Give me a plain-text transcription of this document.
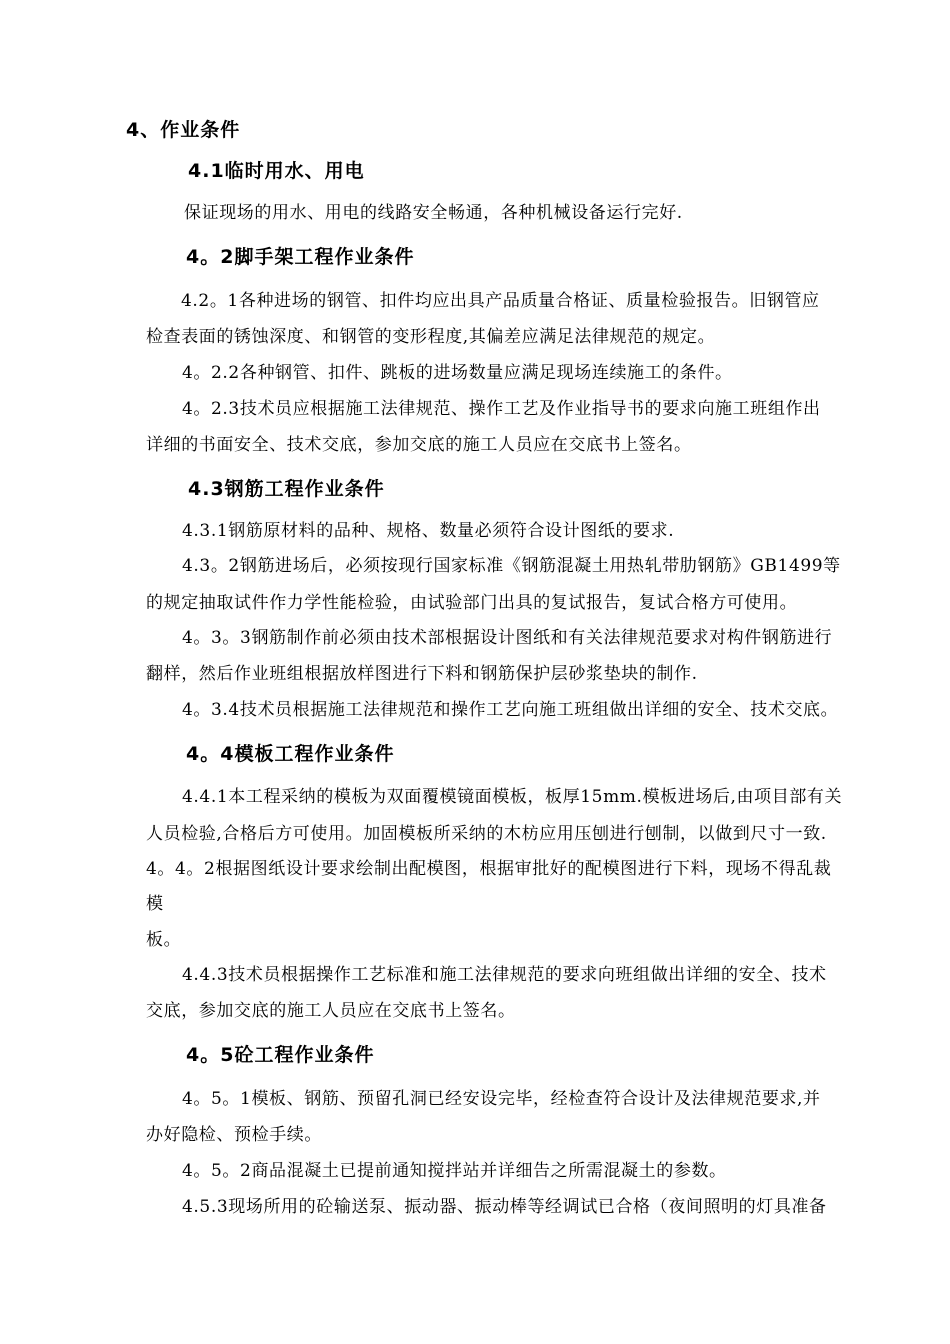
4、作业条件
4.1临时用水、用电
保证现场的用水、用电的线路安全畅通，各种机械设备运行完好.
4。2脚手架工程作业条件
4.2。1各种进场的钢管、扣件均应出具产品质量合格证、质量检验报告。旧钢管应
检查表面的锈蚀深度、和钢管的变形程度,其偏差应满足法律规范的规定。
4。2.2各种钢管、扣件、跳板的进场数量应满足现场连续施工的条件。
4。2.3技术员应根据施工法律规范、操作工艺及作业指导书的要求向施工班组作出
详细的书面安全、技术交底，参加交底的施工人员应在交底书上签名。
4.3钢筋工程作业条件
4.3.1钢筋原材料的品种、规格、数量必须符合设计图纸的要求.
4.3。2钢筋进场后，必须按现行国家标准《钢筋混凝土用热轧带肋钢筋》GB1499等
的规定抽取试件作力学性能检验，由试验部门出具的复试报告，复试合格方可使用。
4。3。3钢筋制作前必须由技术部根据设计图纸和有关法律规范要求对构件钢筋进行
翻样，然后作业班组根据放样图进行下料和钢筋保护层砂浆垫块的制作.
4。3.4技术员根据施工法律规范和操作工艺向施工班组做出详细的安全、技术交底。
4。4模板工程作业条件
4.4.1本工程采纳的模板为双面覆模镜面模板，板厚15mm.模板进场后,由项目部有关
人员检验,合格后方可使用。加固模板所采纳的木枋应用压刨进行刨制，以做到尺寸一致.
4。4。2根据图纸设计要求绘制出配模图，根据审批好的配模图进行下料，现场不得乱裁
模
板。
4.4.3技术员根据操作工艺标准和施工法律规范的要求向班组做出详细的安全、技术
交底，参加交底的施工人员应在交底书上签名。
4。5砼工程作业条件
4。5。1模板、钢筋、预留孔洞已经安设完毕，经检查符合设计及法律规范要求,并
办好隐检、预检手续。
4。5。2商品混凝土已提前通知搅拌站并详细告之所需混凝土的参数。
4.5.3现场所用的砼输送泵、振动器、振动棒等经调试已合格（夜间照明的灯具准备
